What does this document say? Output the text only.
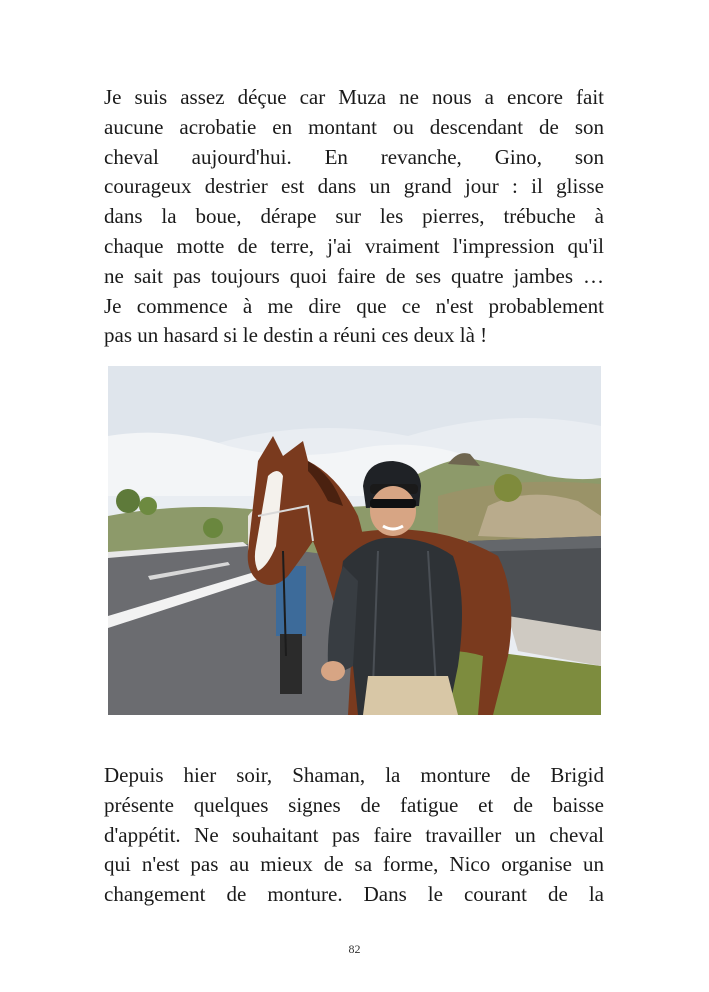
Je suis assez déçue car Muza ne nous a encore fait
aucune acrobatie en montant ou descendant de son
cheval aujourd'hui. En revanche, Gino, son
courageux destrier est dans un grand jour : il glisse
dans la boue, dérape sur les pierres, trébuche à
chaque motte de terre, j'ai vraiment l'impression qu'il
ne sait pas toujours quoi faire de ses quatre jambes …
Je commence à me dire que ce n'est probablement
pas un hasard si le destin a réuni ces deux là !
Depuis hier soir, Shaman, la monture de Brigid
présente quelques signes de fatigue et de baisse
d'appétit. Ne souhaitant pas faire travailler un cheval
qui n'est pas au mieux de sa forme, Nico organise un
changement de monture. Dans le courant de la
82
